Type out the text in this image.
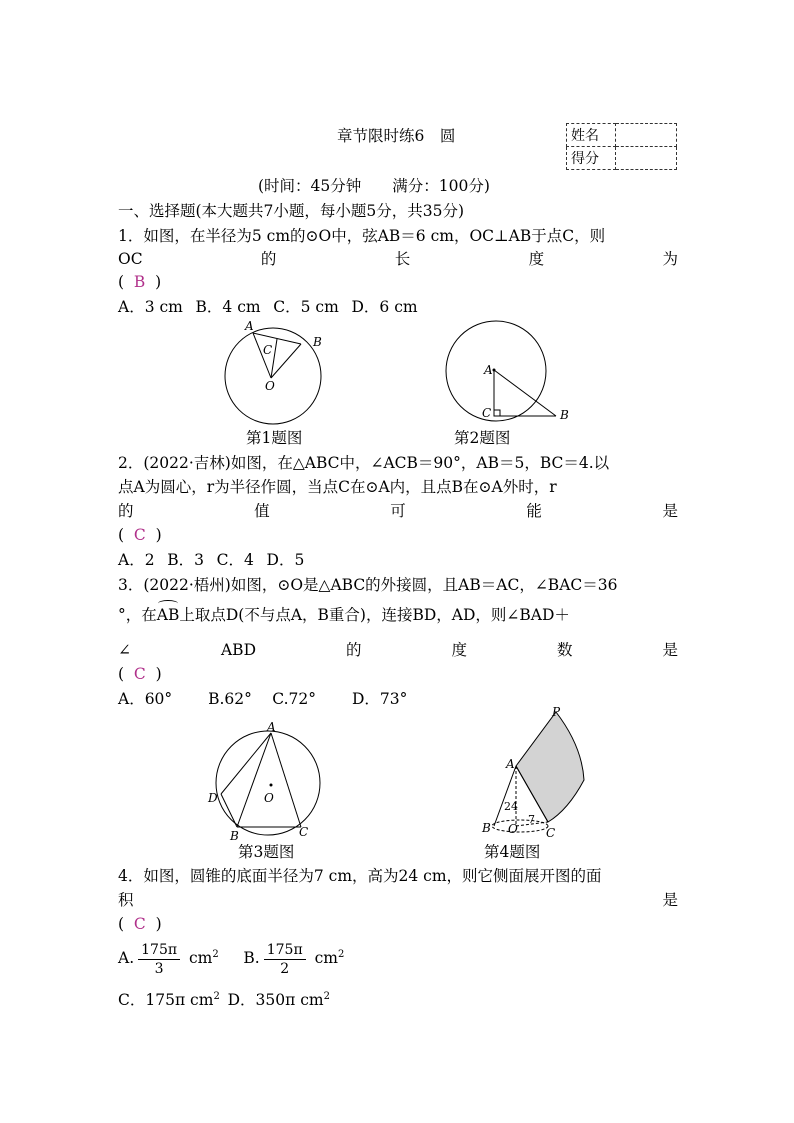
章节限时练6　圆	姓名	
得分	
(时间：45分钟　　满分：100分)
一、选择题(本大题共7小题，每小题5分，共35分)
1．如图，在半径为5 cm的⊙O中，弦AB＝6 cm，OC⊥AB于点C，则
OC	的	长	度	为
( B )
A．3 cm  B．4 cm  C．5 cm  D．6 cm
A
B
C
O
第1题图
A
C	B
第2题图
2．(2022·吉林)如图，在△ABC中，∠ACB＝90°，AB＝5，BC＝4.以
点A为圆心，r为半径作圆，当点C在⊙A内，且点B在⊙A外时，r
的	值	可	能	是
( C )
A．2  B．3  C．4  D．5
3．(2022·梧州)如图，⊙O是△ABC的外接圆，且AB＝AC，∠BAC＝36
°，在
AB上取点D(不与点A，B重合)，连接BD，AD，则∠BAD＋
∠	ABD	的	度	数	是
( C )
A．60°   B.62°  C.72°   D．73°
A
D	O
B	C
第3题图
P
A
24
7
B O C
第4题图
4．如图，圆锥的底面半径为7 cm，高为24 cm，则它侧面展开图的面
积	是
( C )
A. $\frac{175\pi}{3} cm^2$ B. $\frac{175\pi}{2} cm^2$
C．175π $cm^2$ D．350π $cm^2$
